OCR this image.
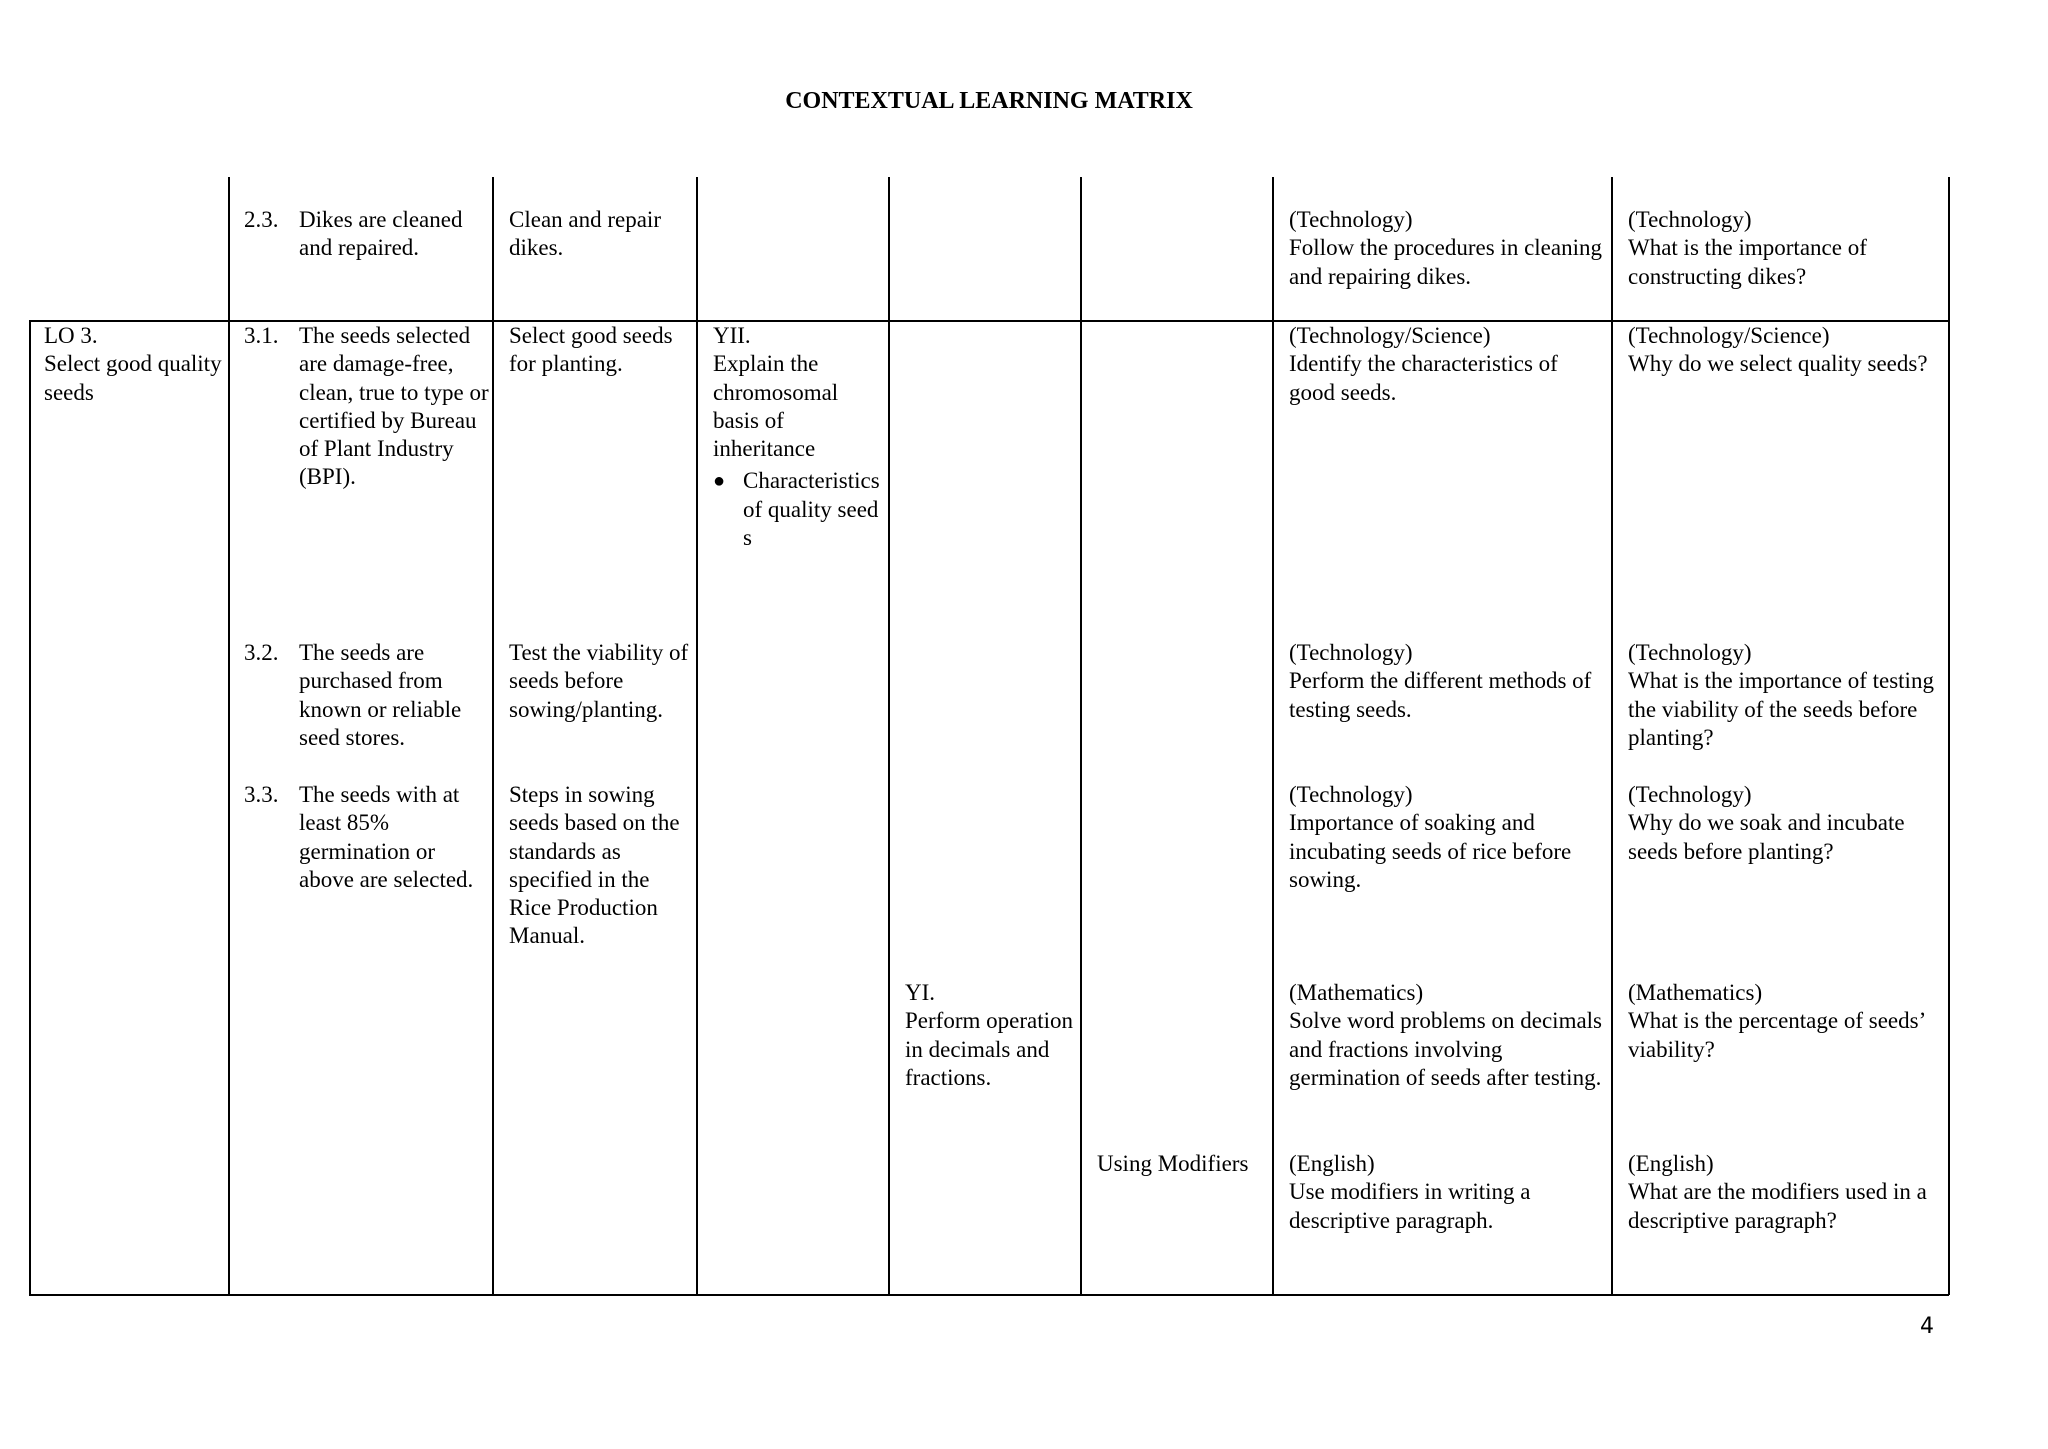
CONTEXTUAL LEARNING MATRIX
2.3. Dikes are cleaned and repaired.

Clean and repair dikes.

(Technology)

Follow the procedures in cleaning and repairing dikes.

(Technology)

What is the importance of constructing dikes?

LO 3.

Select good quality seeds

3.1. The seeds selected are damage-free, clean, true to type or certified by Bureau of Plant Industry (BPI).

Select good seeds for planting.

YII.

Explain the chromosomal basis of inheritance

● Characteristics of quality seeds

(Technology/Science)

Identify the characteristics of good seeds.

(Technology/Science)

Why do we select quality seeds?

3.2. The seeds are purchased from known or reliable seed stores.

Test the viability of seeds before sowing/planting.

(Technology)

Perform the different methods of testing seeds.

(Technology)

What is the importance of testing the viability of the seeds before planting?

3.3. The seeds with at least 85% germination or above are selected.

Steps in sowing seeds based on the standards as specified in the Rice Production Manual.

(Technology)

Importance of soaking and incubating seeds of rice before sowing.

(Technology)

Why do we soak and incubate seeds before planting?

YI.

Perform operation in decimals and fractions.

(Mathematics)

Solve word problems on decimals and fractions involving germination of seeds after testing.

(Mathematics)

What is the percentage of seeds’ viability?

Using Modifiers	(English)

Use modifiers in writing a descriptive paragraph.

(English)

What are the modifiers used in a descriptive paragraph?

4
